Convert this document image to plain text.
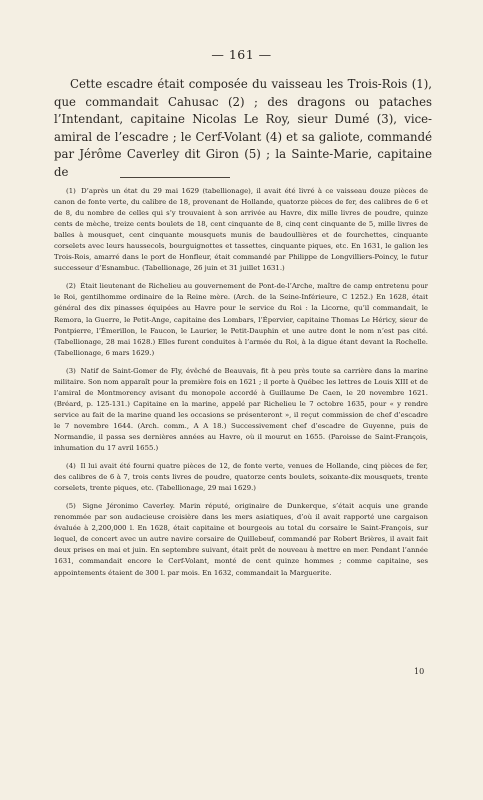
— 161 —

Cette escadre était composée du vaisseau les Trois-Rois (1), que commandait Cahusac (2) ; des dragons ou pataches l’Intendant, capitaine Nicolas Le Roy, sieur Dumé (3), vice-amiral de l’escadre ; le Cerf-Volant (4) et sa galiote, commandé par Jérôme Caverley dit Giron (5) ; la Sainte-Marie, capitaine de

(1) D’après un état du 29 mai 1629 (tabellionage), il avait été livré à ce vaisseau douze pièces de canon de fonte verte, du calibre de 18, provenant de Hollande, quatorze pièces de fer, des calibres de 6 et de 8, du nombre de celles qui s’y trouvaient à son arrivée au Havre, dix mille livres de poudre, quinze cents de mèche, treize cents boulets de 18, cent cinquante de 8, cinq cent cinquante de 5, mille livres de balles à mousquet, cent cinquante mousquets munis de baudoullières et de fourchettes, cinquante corselets avec leurs haussecols, bourguignottes et tassettes, cinquante piques, etc. En 1631, le galion les Trois-Rois, amarré dans le port de Honfleur, était commandé par Philippe de Longvilliers-Poincy, le futur successeur d’Esnambuc. (Tabellionage, 26 juin et 31 juillet 1631.)

(2) Était lieutenant de Richelieu au gouvernement de Pont-de-l’Arche, maître de camp entretenu pour le Roi, gentilhomme ordinaire de la Reine mère. (Arch. de la Seine-Inférieure, C 1252.) En 1628, était général des dix pinasses équipées au Havre pour le service du Roi : la Licorne, qu’il commandait, le Remora, la Guerre, le Petit-Ange, capitaine des Lombars, l’Épervier, capitaine Thomas Le Héricy, sieur de Pontpierre, l’Émerillon, le Faucon, le Laurier, le Petit-Dauphin et une autre dont le nom n’est pas cité. (Tabellionage, 28 mai 1628.) Elles furent conduites à l’armée du Roi, à la digue étant devant la Rochelle. (Tabellionage, 6 mars 1629.)

(3) Natif de Saint-Gomer de Fly, évêché de Beauvais, fit à peu près toute sa carrière dans la marine militaire. Son nom apparaît pour la première fois en 1621 ; il porte à Québec les lettres de Louis XIII et de l’amiral de Montmorency avisant du monopole accordé à Guillaume De Caen, le 20 novembre 1621. (Bréard, p. 125-131.) Capitaine en la marine, appelé par Richelieu le 7 octobre 1635, pour « y rendre service au fait de la marine quand les occasions se présenteront », il reçut commission de chef d’escadre le 7 novembre 1644. (Arch. comm., A A 18.) Successivement chef d’escadre de Guyenne, puis de Normandie, il passa ses dernières années au Havre, où il mourut en 1655. (Paroisse de Saint-François, inhumation du 17 avril 1655.)

(4) Il lui avait été fourni quatre pièces de 12, de fonte verte, venues de Hollande, cinq pièces de fer, des calibres de 6 à 7, trois cents livres de poudre, quatorze cents boulets, soixante-dix mousquets, trente corselets, trente piques, etc. (Tabellionage, 29 mai 1629.)

(5) Signe Jéronimo Caverley. Marin réputé, originaire de Dunkerque, s’était acquis une grande renommée par son audacieuse croisière dans les mers asiatiques, d’où il avait rapporté une cargaison évaluée à 2,200,000 l. En 1628, était capitaine et bourgeois au total du corsaire le Saint-François, sur lequel, de concert avec un autre navire corsaire de Quillebeuf, commandé par Robert Brières, il avait fait deux prises en mai et juin. En septembre suivant, était prêt de nouveau à mettre en mer. Pendant l’année 1631, commandait encore le Cerf-Volant, monté de cent quinze hommes ; comme capitaine, ses appointements étaient de 300 l. par mois. En 1632, commandait la Marguerite.

10
